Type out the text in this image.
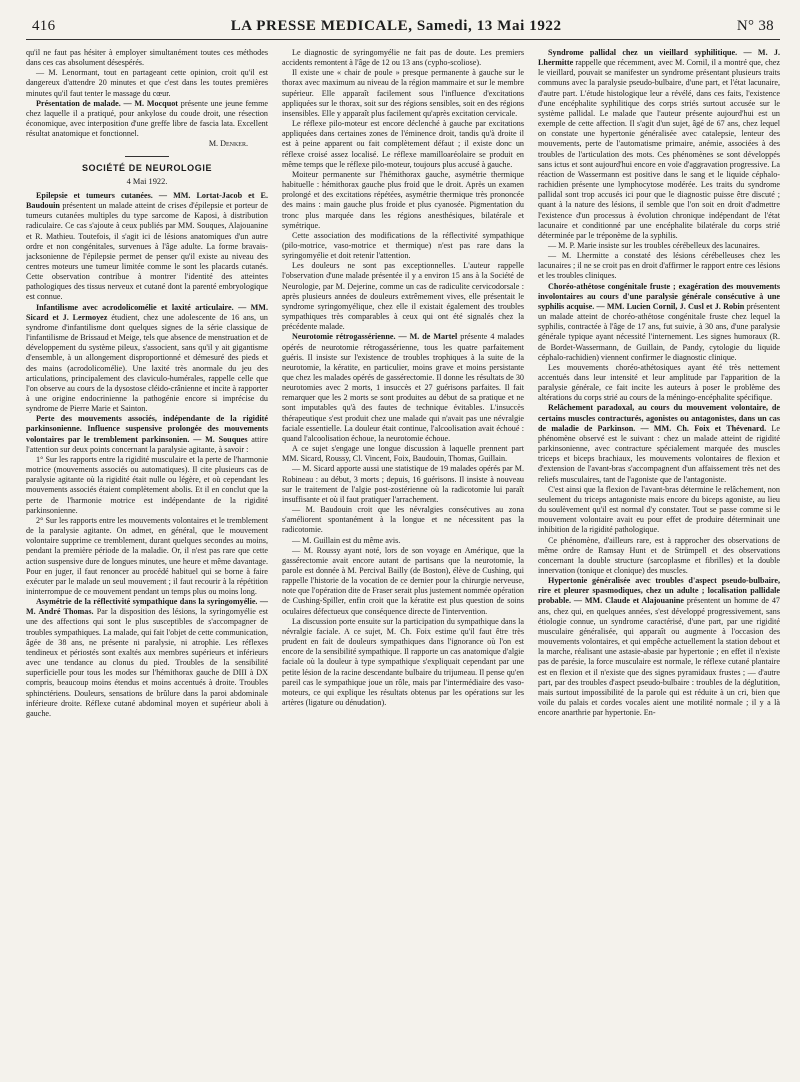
416	LA PRESSE MEDICALE, Samedi, 13 Mai 1922	N° 38

qu'il ne faut pas hésiter à employer simultanément toutes ces méthodes dans ces cas absolument désespérés.

— M. Lenormant, tout en partageant cette opinion, croit qu'il est dangereux d'attendre 20 minutes et que c'est dans les toutes premières minutes qu'il faut tenter le massage du cœur.

Présentation de malade. — M. Mocquot présente une jeune femme chez laquelle il a pratiqué, pour ankylose du coude droit, une résection économique, avec interposition d'une greffe libre de fascia lata. Excellent résultat anatomique et fonctionnel.

M. Denker.

SOCIÉTÉ DE NEUROLOGIE
4 Mai 1922.

Epilepsie et tumeurs cutanées. — MM. Lortat-Jacob et E. Baudouin présentent un malade atteint de crises d'épilepsie et porteur de tumeurs cutanées multiples du type sarcome de Kaposi, à distribution radiculaire. Ce cas s'ajoute à ceux publiés par MM. Souques, Alajouanine et R. Mathieu. Toutefois, il s'agit ici de lésions anatomiques d'un autre ordre et non congénitales, survenues à l'âge adulte. La forme bravais-jacksonienne de l'épilepsie permet de penser qu'il existe au niveau des centres moteurs une tumeur limitée comme le sont les placards cutanés. Cette observation contribue à montrer l'identité des atteintes pathologiques des tissus nerveux et cutané dont la parenté embryologique est connue.

Infantilisme avec acrodolicomélie et laxité articulaire. — MM. Sicard et J. Lermoyez étudient, chez une adolescente de 16 ans, un syndrome d'infantilisme dont quelques signes de la série classique de l'infantilisme de Brissaud et Meige, tels que absence de menstruation et de développement du système pileux, s'associent, sans qu'il y ait gigantisme d'ensemble, à un allongement disproportionné et démesuré des pieds et des mains (acrodolicomélie). Une laxité très anormale du jeu des articulations, principalement des claviculo-humérales, rappelle celle que l'on observe au cours de la dysostose cléido-crânienne et incite à rapporter à une origine endocrinienne la pathogénie encore si imprécise du syndrome de Pierre Marie et Sainton.

Perte des mouvements associés, indépendante de la rigidité parkinsonienne. Influence suspensive prolongée des mouvements volontaires par le tremblement parkinsonien. — M. Souques attire l'attention sur deux points concernant la paralysie agitante, à savoir :

1° Sur les rapports entre la rigidité musculaire et la perte de l'harmonie motrice (mouvements associés ou automatiques). Il cite plusieurs cas de paralysie agitante où la rigidité était nulle ou légère, et où cependant les mouvements associés étaient complètement abolis. Et il en conclut que la perte de l'harmonie motrice est indépendante de la rigidité parkinsonienne.

2° Sur les rapports entre les mouvements volontaires et le tremblement de la paralysie agitante. On admet, en général, que le mouvement volontaire supprime ce tremblement, durant quelques secondes au moins, pendant la première période de la maladie. Or, il n'est pas rare que cette action suspensive dure de longues minutes, une heure et même davantage. Pour en juger, il faut renoncer au procédé habituel qui se borne à faire exécuter par le malade un seul mouvement ; il faut recourir à la répétition ininterrompue de ce mouvement pendant un temps plus ou moins long.

Asymétrie de la réflectivité sympathique dans la syringomyélie. — M. André Thomas. Par la disposition des lésions, la syringomyélie est une des affections qui sont le plus susceptibles de s'accompagner de troubles sympathiques. La malade, qui fait l'objet de cette communication, âgée de 38 ans, ne présente ni paralysie, ni atrophie. Les réflexes tendineux et périostés sont exaltés aux membres supérieurs et inférieurs avec une tendance au clonus du pied. Troubles de la sensibilité superficielle pour tous les modes sur l'hémithorax gauche de DIII à DX compris, beaucoup moins étendus et moins accentués à droite. Troubles sphinctériens. Douleurs, sensations de brûlure dans la paroi abdominale inférieure droite. Réflexe cutané abdominal moyen et supérieur aboli à gauche.

Le diagnostic de syringomyélie ne fait pas de doute. Les premiers accidents remontent à l'âge de 12 ou 13 ans (cypho-scoliose).

Il existe une « chair de poule » presque permanente à gauche sur le thorax avec maximum au niveau de la région mammaire et sur le membre supérieur. Elle apparaît facilement sous l'influence d'excitations appliquées sur le thorax, soit sur des régions sensibles, soit en des régions insensibles. Elle y apparaît plus facilement qu'après excitation cervicale.

Le réflexe pilo-moteur est encore déclenché à gauche par excitations appliquées dans certaines zones de l'éminence droit, tandis qu'à droite il est à peine apparent ou fait complètement défaut ; il existe donc un réflexe croisé assez localisé. Le réflexe mamilloaréolaire se produit en même temps que le réflexe pilo-moteur, toujours plus accusé à gauche.

Moiteur permanente sur l'hémithorax gauche, asymétrie thermique habituelle : hémithorax gauche plus froid que le droit. Après un examen prolongé et des excitations répétées, asymétrie thermique très prononcée des mains : main gauche plus froide et plus cyanosée. Pigmentation du tronc plus marquée dans les régions anesthésiques, bilatérale et symétrique.

Cette association des modifications de la réflectivité sympathique (pilo-motrice, vaso-motrice et thermique) n'est pas rare dans la syringomyélie et doit retenir l'attention.

Les douleurs ne sont pas exceptionnelles. L'auteur rappelle l'observation d'une malade présentée il y a environ 15 ans à la Société de Neurologie, par M. Dejerine, comme un cas de radiculite cervicodorsale : après plusieurs années de douleurs extrêmement vives, elle présentait le syndrome syringomyélique, chez elle il existait également des troubles sympathiques très comparables à ceux qui ont été signalés chez la précédente malade.

Neurotomie rétrogassérienne. — M. de Martel présente 4 malades opérés de neurotomie rétrogassérienne, tous les quatre parfaitement guéris. Il insiste sur l'existence de troubles trophiques à la suite de la neurotomie, la kératite, en particulier, moins grave et moins persistante que chez les malades opérés de gassérectomie. Il donne les résultats de 30 neurotomies avec 2 morts, 1 insuccès et 27 guérisons parfaites. Il fait remarquer que les 2 morts se sont produites au début de sa pratique et ne sont imputables qu'à des fautes de technique évitables. L'insuccès thérapeutique s'est produit chez une malade qui n'avait pas une névralgie faciale essentielle. La douleur était continue, l'alcoolisation avait échoué : quand l'alcoolisation échoue, la neurotomie échoue.

A ce sujet s'engage une longue discussion à laquelle prennent part MM. Sicard, Roussy, Cl. Vincent, Foix, Baudouin, Thomas, Guillain.

— M. Sicard apporte aussi une statistique de 19 malades opérés par M. Robineau : au début, 3 morts ; depuis, 16 guérisons. Il insiste à nouveau sur le traitement de l'algie post-zostérienne où la radicotomie lui paraît insuffisante et où il faut pratiquer l'arrachement.

— M. Baudouin croit que les névralgies consécutives au zona s'améliorent spontanément à la longue et ne nécessitent pas la radicotomie.

— M. Guillain est du même avis.

— M. Roussy ayant noté, lors de son voyage en Amérique, que la gassérectomie avait encore autant de partisans que la neurotomie, la parole est donnée à M. Percival Bailly (de Boston), élève de Cushing, qui rappelle l'historie de la vocation de ce dernier pour la chirurgie nerveuse, note que l'opération dite de Fraser serait plus justement nommée opération de Cushing-Spiller, enfin croit que la kératite est plus question de soins oculaires défectueux que conséquence directe de l'intervention.

La discussion porte ensuite sur la participation du sympathique dans la névralgie faciale. A ce sujet, M. Ch. Foix estime qu'il faut être très prudent en fait de douleurs sympathiques dans l'ignorance où l'on est encore de la sensibilité sympathique. Il rapporte un cas anatomique d'algie faciale où la douleur à type sympathique s'expliquait cependant par une petite lésion de la racine descendante bulbaire du trijumeau. Il pense qu'en pareil cas le sympathique joue un rôle, mais par l'intermédiaire des vaso-moteurs, ce qui explique les résultats obtenus par les opérations sur les artères (ligature ou dénudation).

Syndrome pallidal chez un vieillard syphilitique. — M. J. Lhermitte rappelle que récemment, avec M. Cornil, il a montré que, chez le vieillard, pouvait se manifester un syndrome présentant plusieurs traits communs avec la paralysie pseudo-bulbaire, d'une part, et l'état lacunaire, d'autre part. L'étude histologique leur a révélé, dans ces faits, l'existence d'une encéphalite syphilitique des corps striés surtout accusée sur le système pallidal. Le malade que l'auteur présente aujourd'hui est un exemple de cette affection. Il s'agit d'un sujet, âgé de 67 ans, chez lequel on constate une hypertonie généralisée avec catalepsie, lenteur des mouvements, perte de l'automatisme primaire, anémie, associées à des troubles de l'articulation des mots. Ces phénomènes se sont développés sans ictus et sont aujourd'hui encore en voie d'aggravation progressive. La réaction de Wassermann est positive dans le sang et le liquide céphalo-rachidien présente une lymphocytose modérée. Les traits du syndrome pallidal sont trop accusés ici pour que le diagnostic puisse être discuté ; quant à la nature des lésions, il semble que l'on soit en droit d'admettre l'existence d'un processus à évolution chronique indépendant de l'état lacunaire et conditionné par une encéphalite bilatérale du corps strié déterminée par le tréponème de la syphilis.

— M. P. Marie insiste sur les troubles cérébelleux des lacunaires.

— M. Lhermitte a constaté des lésions cérébelleuses chez les lacunaires ; il ne se croit pas en droit d'affirmer le rapport entre ces lésions et les troubles cliniques.

Choréo-athétose congénitale fruste ; exagération des mouvements involontaires au cours d'une paralysie générale consécutive à une syphilis acquise. — MM. Lucien Cornil, J. Cusl et J. Robin présentent un malade atteint de choréo-athétose congénitale fruste chez lequel la syphilis, contractée à l'âge de 17 ans, fut suivie, à 30 ans, d'une paralysie générale typique ayant nécessité l'internement. Les signes humoraux (R. de Bordet-Wassermann, de Guillain, de Pandy, cytologie du liquide céphalo-rachidien) viennent confirmer le diagnostic clinique.

Les mouvements choréo-athétosiques ayant été très nettement accentués dans leur intensité et leur amplitude par l'apparition de la paralysie générale, ce fait incite les auteurs à poser le problème des altérations du corps strié au cours de la méningo-encéphalite spécifique.

Relâchement paradoxal, au cours du mouvement volontaire, de certains muscles contracturés, agonistes ou antagonistes, dans un cas de maladie de Parkinson. — MM. Ch. Foix et Thévenard. Le phénomène observé est le suivant : chez un malade atteint de rigidité parkinsonienne, avec contracture spécialement marquée des muscles triceps et biceps brachiaux, les mouvements volontaires de flexion et d'extension de l'avant-bras s'accompagnent d'un affaissement très net des reliefs musculaires, tant de l'agoniste que de l'antagoniste.

C'est ainsi que la flexion de l'avant-bras détermine le relâchement, non seulement du triceps antagoniste mais encore du biceps agoniste, au lieu du soulèvement qu'il est normal d'y constater. Tout se passe comme si le mouvement volontaire avait eu pour effet de produire déterminait une inhibition de la rigidité pathologique.

Ce phénomène, d'ailleurs rare, est à rapprocher des observations de même ordre de Ramsay Hunt et de Strümpell et des observations concernant la double structure (sarcoplasme et fibrilles) et la double innervation (tonique et clonique) des muscles.

Hypertonie généralisée avec troubles d'aspect pseudo-bulbaire, rire et pleurer spasmodiques, chez un adulte ; localisation pallidale probable. — MM. Claude et Alajouanine présentent un homme de 47 ans, chez qui, en quelques années, s'est développé progressivement, sans étiologie connue, un syndrome caractérisé, d'une part, par une rigidité musculaire généralisée, qui apparaît ou augmente à l'occasion des mouvements volontaires, et qui empêche actuellement la station debout et la marche, réalisant une astasie-abasie par hypertonie ; en effet il n'existe pas de parésie, la force musculaire est normale, le réflexe cutané plantaire est en flexion et il n'existe que des signes pyramidaux frustes ; — d'autre part, par des troubles d'aspect pseudo-bulbaire : troubles de la déglutition, mais surtout impossibilité de la parole qui est réduite à un cri, bien que voile du palais et cordes vocales aient une motilité normale ; il y a là encore anarthrie par hypertonie. En-
